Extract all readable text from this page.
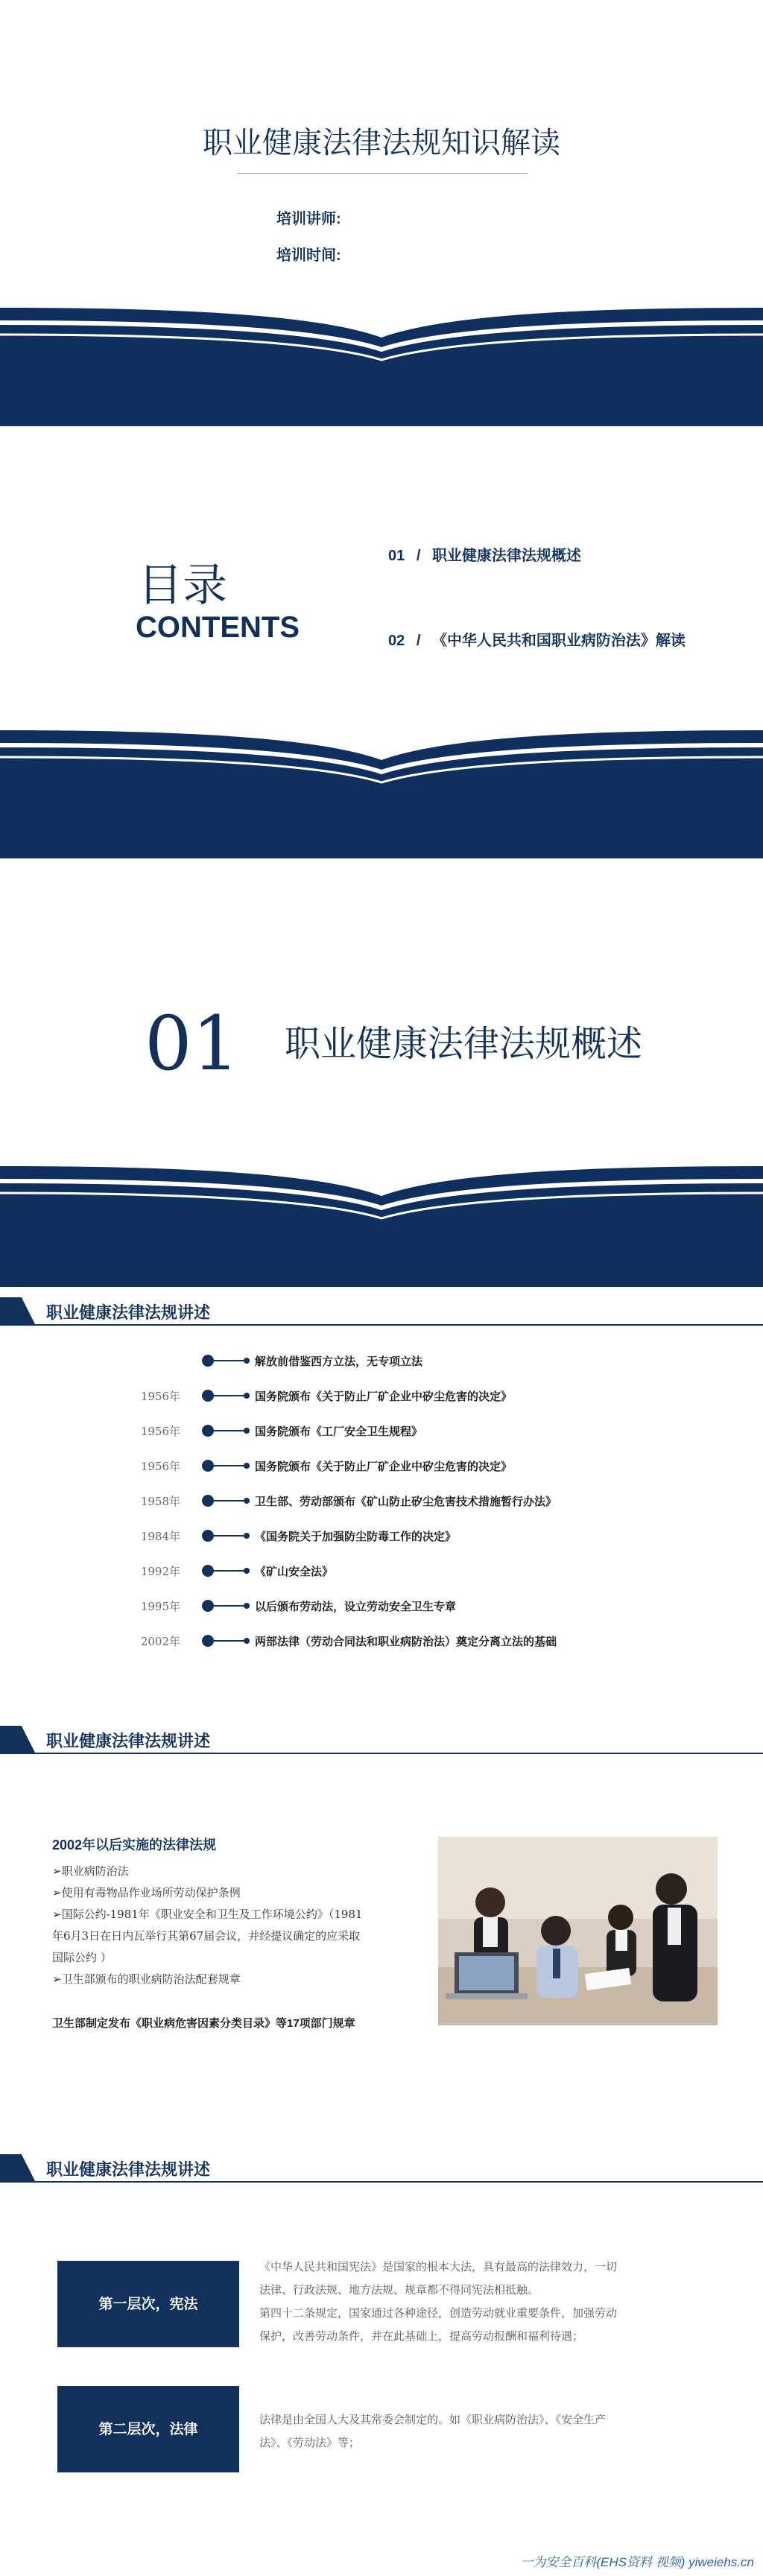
职业健康法律法规知识解读
培训讲师:
培训时间:
目录
CONTENTS
01 / 职业健康法律法规概述
02 / 《中华人民共和国职业病防治法》解读
01 职业健康法律法规概述
职业健康法律法规讲述
解放前借鉴西方立法，无专项立法
1956年	国务院颁布《关于防止厂矿企业中矽尘危害的决定》
1956年	国务院颁布《工厂安全卫生规程》
1956年	国务院颁布《关于防止厂矿企业中矽尘危害的决定》
1958年	卫生部、劳动部颁布《矿山防止矽尘危害技术措施暂行办法》
1984年	《国务院关于加强防尘防毒工作的决定》
1992年	《矿山安全法》
1995年	以后颁布劳动法，设立劳动安全卫生专章
2002年	两部法律（劳动合同法和职业病防治法）奠定分离立法的基础
职业健康法律法规讲述
2002年以后实施的法律法规
➢职业病防治法
➢使用有毒物品作业场所劳动保护条例
➢国际公约-1981年《职业安全和卫生及工作环境公约》（1981
年6月3日在日内瓦举行其第67届会议，并经提议确定的应采取
国际公约 ）
➢卫生部颁布的职业病防治法配套规章
卫生部制定发布《职业病危害因素分类目录》等17项部门规章
职业健康法律法规讲述
第一层次，宪法
《中华人民共和国宪法》是国家的根本大法，具有最高的法律效力，一切
法律、行政法规、地方法规、规章都不得同宪法相抵触。
第四十二条规定，国家通过各种途径，创造劳动就业重要条件，加强劳动
保护，改善劳动条件，并在此基础上，提高劳动报酬和福利待遇；
第二层次，法律
法律是由全国人大及其常委会制定的。如《职业病防治法》、《安全生产
法》、《劳动法》等；
一为安全百科(EHS资料 视频) yiweiehs.cn
